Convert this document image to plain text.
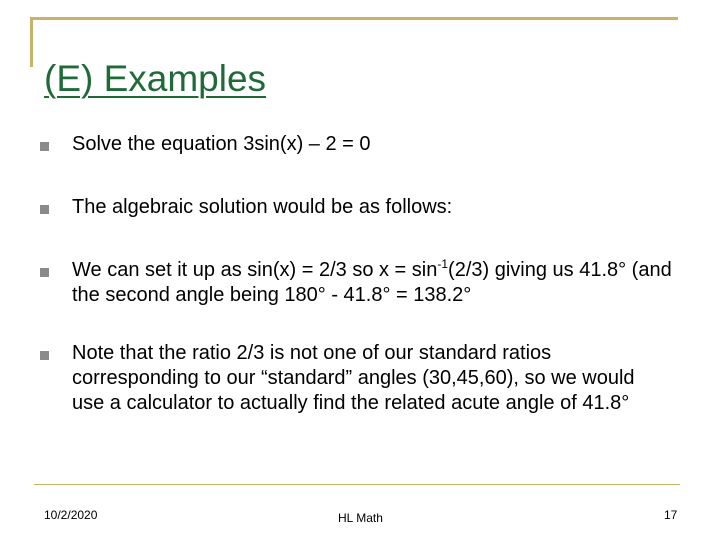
(E) Examples
Solve the equation 3sin(x) – 2 = 0
The algebraic solution would be as follows:
We can set it up as sin(x) = 2/3 so $x = \sin^{-1}(2/3)$ giving us 41.8° (and the second angle being 180° - 41.8° = 138.2°
Note that the ratio 2/3 is not one of our standard ratios corresponding to our “standard” angles (30,45,60), so we would use a calculator to actually find the related acute angle of 41.8°
10/2/2020	HL Math	17
